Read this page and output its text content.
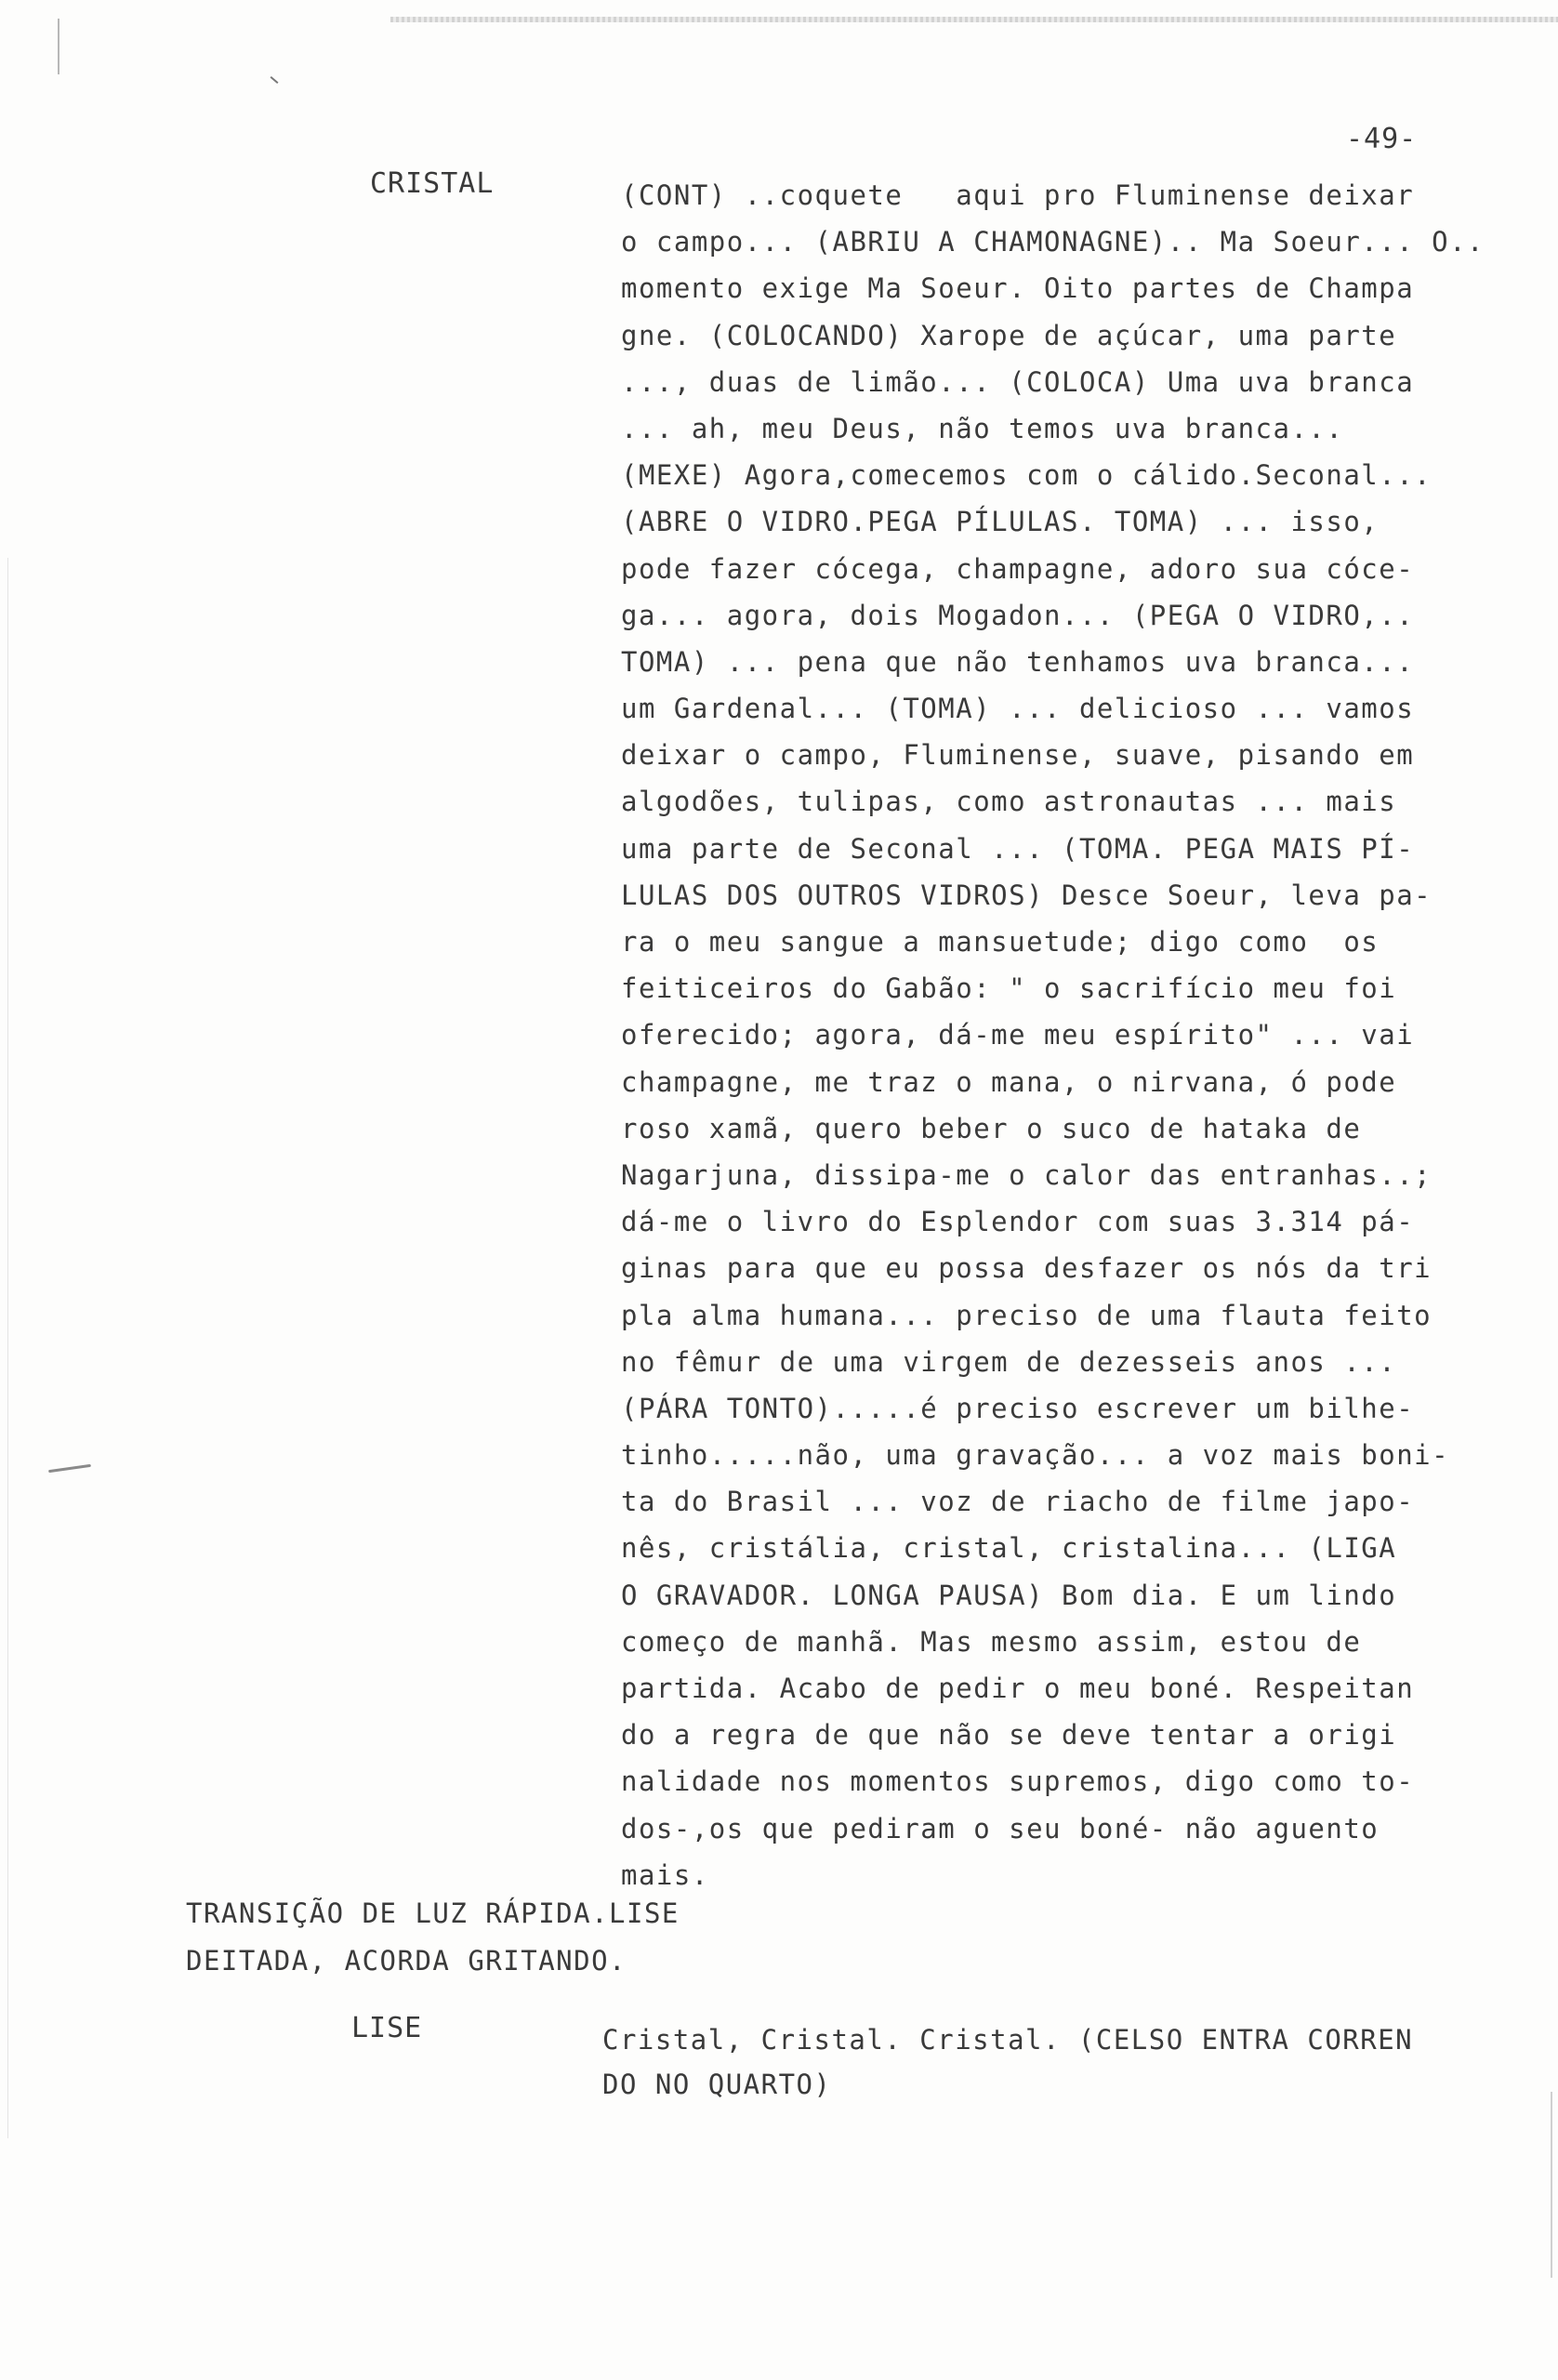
-49-
CRISTAL	(CONT) ..coquete   aqui pro Fluminense deixar
o campo... (ABRIU A CHAMONAGNE).. Ma Soeur... O..
momento exige Ma Soeur. Oito partes de Champa
gne. (COLOCANDO) Xarope de açúcar, uma parte
..., duas de limão... (COLOCA) Uma uva branca
... ah, meu Deus, não temos uva branca...
(MEXE) Agora,comecemos com o cálido.Seconal...
(ABRE O VIDRO.PEGA PÍLULAS. TOMA) ... isso,
pode fazer cócega, champagne, adoro sua cóce-
ga... agora, dois Mogadon... (PEGA O VIDRO,..
TOMA) ... pena que não tenhamos uva branca...
um Gardenal... (TOMA) ... delicioso ... vamos
deixar o campo, Fluminense, suave, pisando em
algodões, tulipas, como astronautas ... mais
uma parte de Seconal ... (TOMA. PEGA MAIS PÍ-
LULAS DOS OUTROS VIDROS) Desce Soeur, leva pa-
ra o meu sangue a mansuetude; digo como  os
feiticeiros do Gabão: " o sacrifício meu foi
oferecido; agora, dá-me meu espírito" ... vai
champagne, me traz o mana, o nirvana, ó pode
roso xamã, quero beber o suco de hataka de
Nagarjuna, dissipa-me o calor das entranhas..;
dá-me o livro do Esplendor com suas 3.314 pá-
ginas para que eu possa desfazer os nós da tri
pla alma humana... preciso de uma flauta feito
no fêmur de uma virgem de dezesseis anos ...
(PÁRA TONTO).....é preciso escrever um bilhe-
tinho.....não, uma gravação... a voz mais boni-
ta do Brasil ... voz de riacho de filme japo-
nês, cristália, cristal, cristalina... (LIGA
O GRAVADOR. LONGA PAUSA) Bom dia. E um lindo
começo de manhã. Mas mesmo assim, estou de
partida. Acabo de pedir o meu boné. Respeitan
do a regra de que não se deve tentar a origi
nalidade nos momentos supremos, digo como to-
dos-,os que pediram o seu boné- não aguento
mais.
TRANSIÇÃO DE LUZ RÁPIDA.LISE
DEITADA, ACORDA GRITANDO.
LISE	Cristal, Cristal. Cristal. (CELSO ENTRA CORREN
DO NO QUARTO)
